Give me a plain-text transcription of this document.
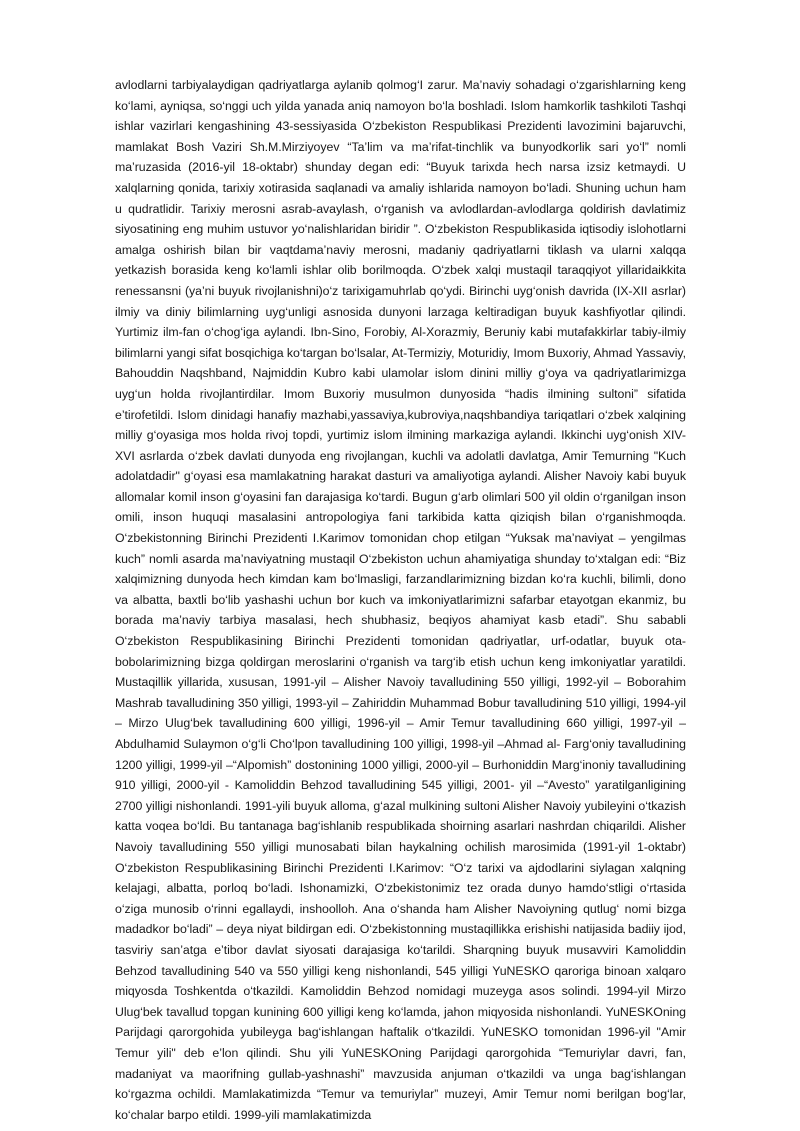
avlodlarni tarbiyalaydigan qadriyatlarga aylanib qolmog‘I zarur. Ma’naviy sohadagi o‘zgarishlarning keng ko‘lami, ayniqsa, so‘nggi uch yilda yanada aniq namoyon bo‘la boshladi. Islom hamkorlik tashkiloti Tashqi ishlar vazirlari kengashining 43-sessiyasida O‘zbekiston Respublikasi Prezidenti lavozimini bajaruvchi, mamlakat Bosh Vaziri Sh.M.Mirziyoyev “Ta’lim va ma’rifat-tinchlik va bunyodkorlik sari yo‘l” nomli ma’ruzasida (2016-yil 18-oktabr) shunday degan edi: “Buyuk tarixda hech narsa izsiz ketmaydi. U xalqlarning qonida, tarixiy xotirasida saqlanadi va amaliy ishlarida namoyon bo‘ladi. Shuning uchun ham u qudratlidir. Tarixiy merosni asrab-avaylash, o‘rganish va avlodlardan-avlodlarga qoldirish davlatimiz siyosatining eng muhim ustuvor yo‘nalishlaridan biridir ”. O‘zbekiston Respublikasida iqtisodiy islohotlarni amalga oshirish bilan bir vaqtdama’naviy merosni, madaniy qadriyatlarni tiklash va ularni xalqqa yetkazish borasida keng ko‘lamli ishlar olib borilmoqda. O‘zbek xalqi mustaqil taraqqiyot yillaridaikkita renessansni (ya’ni buyuk rivojlanishni)o‘z tarixigamuhrlab qo‘ydi. Birinchi uyg‘onish davrida (IX-XII asrlar) ilmiy va diniy bilimlarning uyg‘unligi asnosida dunyoni larzaga keltiradigan buyuk kashfiyotlar qilindi. Yurtimiz ilm-fan o‘chog‘iga aylandi. Ibn-Sino, Forobiy, Al-Xorazmiy, Beruniy kabi mutafakkirlar tabiy-ilmiy bilimlarni yangi sifat bosqichiga ko‘targan bo‘lsalar, At-Termiziy, Moturidiy, Imom Buxoriy, Ahmad Yassaviy, Bahouddin Naqshband, Najmiddin Kubro kabi ulamolar islom dinini milliy g‘oya va qadriyatlarimizga uyg‘un holda rivojlantirdilar. Imom Buxoriy musulmon dunyosida “hadis ilmining sultoni” sifatida e’tirofetildi. Islom dinidagi hanafiy mazhabi,yassaviya,kubroviya,naqshbandiya tariqatlari o‘zbek xalqining milliy g‘oyasiga mos holda rivoj topdi, yurtimiz islom ilmining markaziga aylandi. Ikkinchi uyg‘onish XIV-XVI asrlarda o‘zbek davlati dunyoda eng rivojlangan, kuchli va adolatli davlatga, Amir Temurning "Kuch adolatdadir" g‘oyasi esa mamlakatning harakat dasturi va amaliyotiga aylandi. Alisher Navoiy kabi buyuk allomalar komil inson g‘oyasini fan darajasiga ko‘tardi. Bugun g‘arb olimlari 500 yil oldin o‘rganilgan inson omili, inson huquqi masalasini antropologiya fani tarkibida katta qiziqish bilan o‘rganishmoqda. O‘zbekistonning Birinchi Prezidenti I.Karimov tomonidan chop etilgan “Yuksak ma’naviyat – yengilmas kuch” nomli asarda ma’naviyatning mustaqil O‘zbekiston uchun ahamiyatiga shunday to‘xtalgan edi: “Biz xalqimizning dunyoda hech kimdan kam bo‘lmasligi, farzandlarimizning bizdan ko‘ra kuchli, bilimli, dono va albatta, baxtli bo‘lib yashashi uchun bor kuch va imkoniyatlarimizni safarbar etayotgan ekanmiz, bu borada ma’naviy tarbiya masalasi, hech shubhasiz, beqiyos ahamiyat kasb etadi”. Shu sababli O‘zbekiston Respublikasining Birinchi Prezidenti tomonidan qadriyatlar, urf-odatlar, buyuk ota-bobolarimizning bizga qoldirgan meroslarini o‘rganish va targ‘ib etish uchun keng imkoniyatlar yaratildi. Mustaqillik yillarida, xususan, 1991-yil – Alisher Navoiy tavalludining 550 yilligi, 1992-yil – Boborahim Mashrab tavalludining 350 yilligi, 1993-yil – Zahiriddin Muhammad Bobur tavalludining 510 yilligi, 1994-yil – Mirzo Ulug‘bek tavalludining 600 yilligi, 1996-yil – Amir Temur tavalludining 660 yilligi, 1997-yil –Abdulhamid Sulaymon o‘g‘li Cho‘lpon tavalludining 100 yilligi, 1998-yil –Ahmad al- Farg‘oniy tavalludining 1200 yilligi, 1999-yil –“Alpomish” dostonining 1000 yilligi, 2000-yil – Burhoniddin Marg‘inoniy tavalludining 910 yilligi, 2000-yil - Kamoliddin Behzod tavalludining 545 yilligi, 2001- yil –“Avesto” yaratilganligining 2700 yilligi nishonlandi. 1991-yili buyuk alloma, g‘azal mulkining sultoni Alisher Navoiy yubileyini o‘tkazish katta voqea bo‘ldi. Bu tantanaga bag‘ishlanib respublikada shoirning asarlari nashrdan chiqarildi. Alisher Navoiy tavalludining 550 yilligi munosabati bilan haykalning ochilish marosimida (1991-yil 1-oktabr) O‘zbekiston Respublikasining Birinchi Prezidenti I.Karimov: “O‘z tarixi va ajdodlarini siylagan xalqning kelajagi, albatta, porloq bo‘ladi. Ishonamizki, O‘zbekistonimiz tez orada dunyo hamdo‘stligi o‘rtasida o‘ziga munosib o‘rinni egallaydi, inshoolloh. Ana o‘shanda ham Alisher Navoiyning qutlug‘ nomi bizga madadkor bo‘ladi” – deya niyat bildirgan edi. O‘zbekistonning mustaqillikka erishishi natijasida badiiy ijod, tasviriy san’atga e’tibor davlat siyosati darajasiga ko‘tarildi. Sharqning buyuk musavviri Kamoliddin Behzod tavalludining 540 va 550 yilligi keng nishonlandi, 545 yilligi YuNESKO qaroriga binoan xalqaro miqyosda Toshkentda o‘tkazildi. Kamoliddin Behzod nomidagi muzeyga asos solindi. 1994-yil Mirzo Ulug‘bek tavallud topgan kunining 600 yilligi keng ko‘lamda, jahon miqyosida nishonlandi. YuNESKOning Parijdagi qarorgohida yubileyga bag‘ishlangan haftalik o‘tkazildi. YuNESKO tomonidan 1996-yil "Amir Temur yili" deb e’lon qilindi. Shu yili YuNESKOning Parijdagi qarorgohida “Temuriylar davri, fan, madaniyat va maorifning gullab-yashnashi” mavzusida anjuman o‘tkazildi va unga bag‘ishlangan ko‘rgazma ochildi. Mamlakatimizda “Temur va temuriylar” muzeyi, Amir Temur nomi berilgan bog‘lar, ko‘chalar barpo etildi. 1999-yili mamlakatimizda
